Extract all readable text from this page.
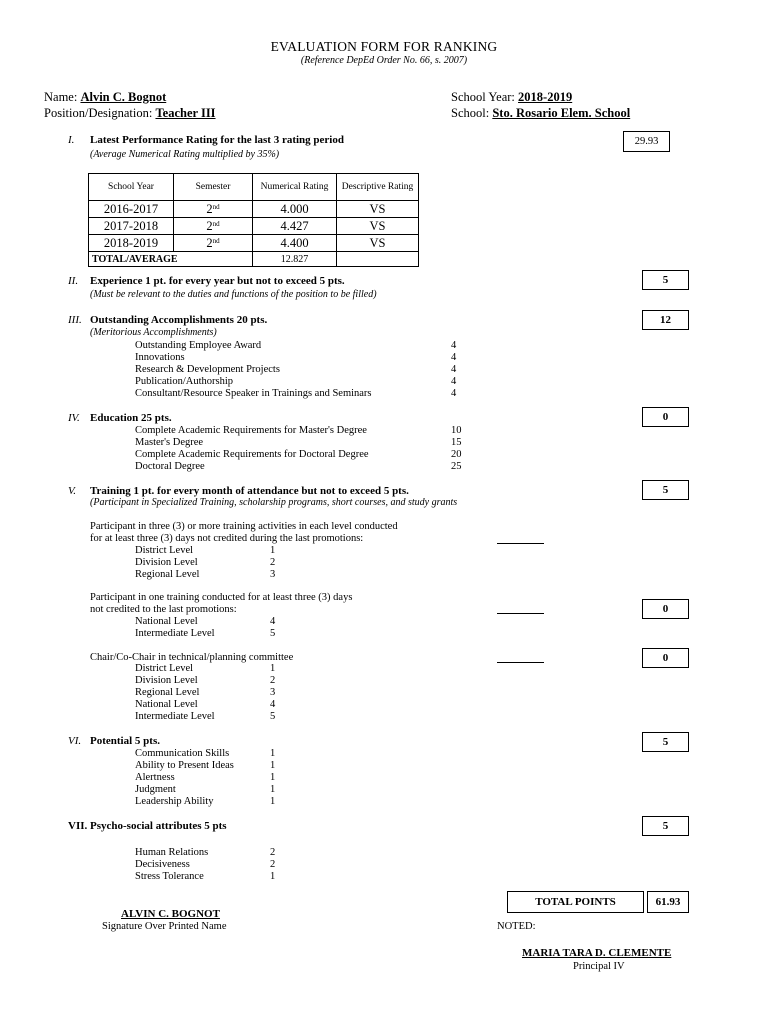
EVALUATION FORM FOR RANKING
(Reference DepEd Order No. 66, s. 2007)
Name: Alvin C. Bognot
Position/Designation: Teacher III
School Year: 2018-2019
School: Sto. Rosario Elem. School
I. Latest Performance Rating for the last 3 rating period
(Average Numerical Rating multiplied by 35%)
29.93
School Year	Semester	Numerical Rating	Descriptive Rating
2016-2017	2nd	4.000	VS
2017-2018	2nd	4.427	VS
2018-2019	2nd	4.400	VS
TOTAL/AVERAGE		12.827	
II. Experience 1 pt. for every year but not to exceed 5 pts.
(Must be relevant to the duties and functions of the position to be filled)
5
III. Outstanding Accomplishments 20 pts.
(Meritorious Accomplishments)
12
Outstanding Employee Award	4
Innovations	4
Research & Development Projects	4
Publication/Authorship	4
Consultant/Resource Speaker in Trainings and Seminars	4
IV. Education 25 pts.	0
Complete Academic Requirements for Master's Degree	10
Master's Degree	15
Complete Academic Requirements for Doctoral Degree	20
Doctoral Degree	25
V. Training 1 pt. for every month of attendance but not to exceed 5 pts.
(Participant in Specialized Training, scholarship programs, short courses, and study grants
5
Participant in three (3) or more training activities in each level conducted
for at least three (3) days not credited during the last promotions:
District Level	1
Division Level	2
Regional Level	3
Participant in one training conducted for at least three (3) days
not credited to the last promotions:	0
National Level	4
Intermediate Level	5
Chair/Co-Chair in technical/planning committee	0
District Level	1
Division Level	2
Regional Level	3
National Level	4
Intermediate Level	5
VI. Potential 5 pts.	5
Communication Skills	1
Ability to Present Ideas	1
Alertness	1
Judgment	1
Leadership Ability	1
VII. Psycho-social attributes 5 pts	5
Human Relations	2
Decisiveness	2
Stress Tolerance	1
TOTAL POINTS	61.93
ALVIN C. BOGNOT
Signature Over Printed Name	NOTED:
MARIA TARA D. CLEMENTE
Principal IV
